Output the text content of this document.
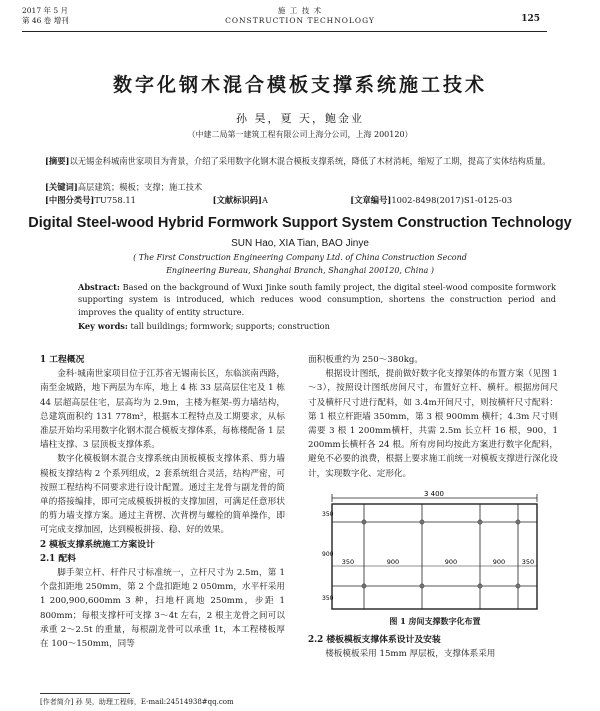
2017 年 5 月
第 46 卷 增刊
施 工 技 术
CONSTRUCTION TECHNOLOGY	125
数字化钢木混合模板支撑系统施工技术
孙 昊，夏 天，鲍金业
（中建二局第一建筑工程有限公司上海分公司，上海 200120）
[摘要]以无锡金科城南世家项目为背景，介绍了采用数字化钢木混合模板支撑系统，降低了木材消耗，缩短了工期，提高了实体结构质量。
[关键词]高层建筑；模板；支撑；施工技术
[中图分类号]TU758.11	[文献标识码]A	[文章编号]1002-8498(2017)S1-0125-03
Digital Steel-wood Hybrid Formwork Support System Construction Technology
SUN Hao, XIA Tian, BAO Jinye
( The First Construction Engineering Company Ltd. of China Construction Second
Engineering Bureau, Shanghai Branch, Shanghai 200120, China )
Abstract: Based on the background of Wuxi Jinke south family project, the digital steel-wood composite formwork supporting system is introduced, which reduces wood consumption, shortens the construction period and improves the quality of entity structure.
Key words: tall buildings; formwork; supports; construction
1 工程概况

金科·城南世家项目位于江苏省无锡南长区，东临滨南西路，南至金城路，地下两层为车库，地上 4 栋 33 层高层住宅及 1 栋 44 层超高层住宅，层高均为 2.9m，主楼为框架-剪力墙结构，总建筑面积约 131 778m²，根据本工程特点及工期要求，从标准层开始均采用数字化钢木混合模板支撑体系，每栋楼配备 1 层墙柱支撑、3 层顶板支撑体系。

数字化模板钢木混合支撑系统由顶板模板支撑体系、剪力墙模板支撑结构 2 个系列组成，2 套系统组合灵活，结构严密，可按照工程结构不同要求进行设计配置。通过主龙骨与副龙骨的简单的搭接编排，即可完成模板拼板的支撑加固，可满足任意形状的剪力墙支撑方案。通过主背楞、次背楞与螺栓的简单操作，即可完成支撑加固，达到模板拼接、稳、好的效果。

2 模板支撑系统施工方案设计
2.1 配料

脚手架立杆、杆件尺寸标准统一，立杆尺寸为 2.5m，第 1 个盘扣距地 250mm，第 2 个盘扣距地 2 050mm，水平杆采用 1 200,900,600mm 3 种，扫地杆离地 250mm，步距 1 800mm；每根支撑杆可支撑 3～4t 左右，2 根主龙骨之间可以承重 2～2.5t 的重量，每根副龙骨可以承重 1t，本工程楼板厚在 100～150mm，同等

面积板重约为 250～380kg。

根据设计图纸，提前做好数字化支撑架体的布置方案（见图 1～3），按照设计图纸房间尺寸，布置好立杆、横杆。根据房间尺寸及横杆尺寸进行配料，如 3.4m开间尺寸，则按横杆尺寸配料：第 1 根立杆距墙 350mm，第 3 根 900mm 横杆；4.3m 尺寸则需要 3 根 1 200mm横杆，共需 2.5m 长立杆 16 根，900，1 200mm长横杆各 24 根。所有房间均按此方案进行数字化配料，避免不必要的浪费，根据上要求施工前统一对模板支撑进行深化设计，实现数字化、定形化。

3 400
350	900	900	900	350
350
900
350
图 1 房间支撑数字化布置
2.2 楼板模板支撑体系设计及安装

楼板模板采用 15mm 厚层板，支撑体系采用

[作者简介] 孙 昊，助理工程师，E-mail:24514938#qq.com
